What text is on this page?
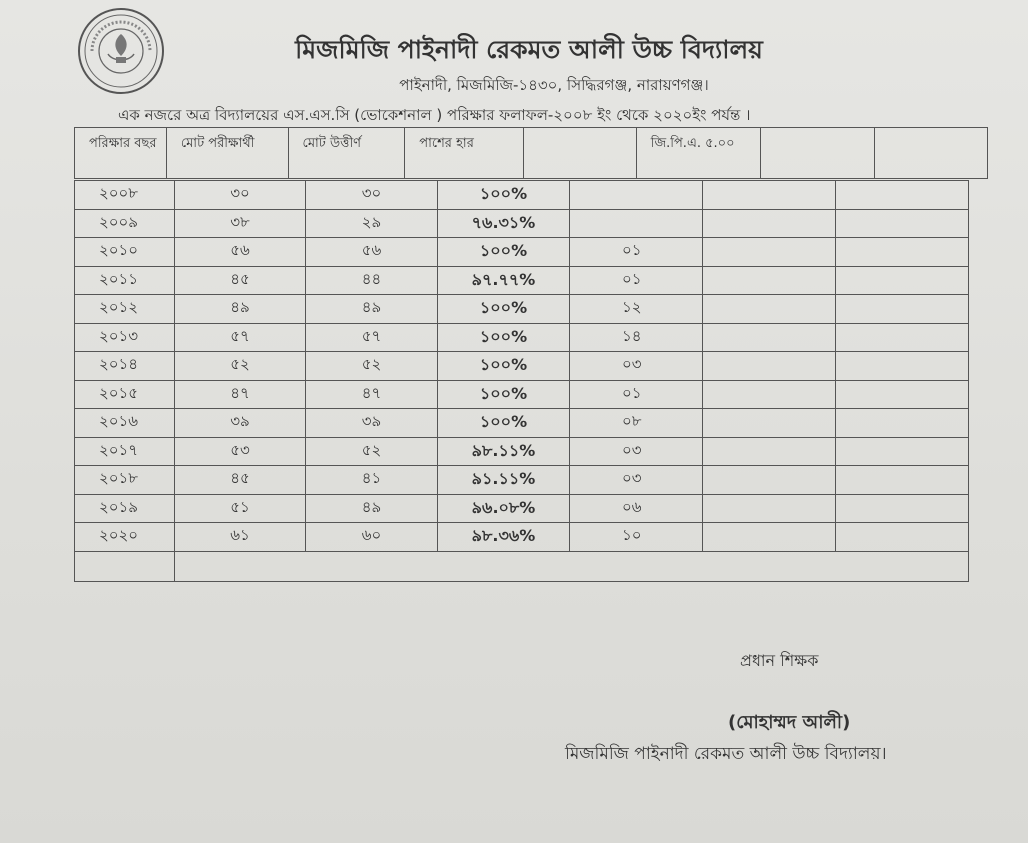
মিজমিজি পাইনাদী রেকমত আলী উচ্চ বিদ্যালয়
পাইনাদী, মিজমিজি-১৪৩০, সিদ্ধিরগঞ্জ, নারায়ণগঞ্জ।
এক নজরে অত্র বিদ্যালয়ের এস.এস.সি (ভোকেশনাল ) পরিক্ষার ফলাফল-২০০৮ ইং থেকে ২০২০ইং পর্যন্ত ।
পরিক্ষার বছর	মোট পরীক্ষার্থী	মোট উত্তীর্ণ	পাশের হার	জি.পি.এ. ৫.০০
২০০৮	৩০	৩০	১০০%			
২০০৯	৩৮	২৯	৭৬.৩১%			
২০১০	৫৬	৫৬	১০০%	০১		
২০১১	৪৫	৪৪	৯৭.৭৭%	০১		
২০১২	৪৯	৪৯	১০০%	১২		
২০১৩	৫৭	৫৭	১০০%	১৪		
২০১৪	৫২	৫২	১০০%	০৩		
২০১৫	৪৭	৪৭	১০০%	০১		
২০১৬	৩৯	৩৯	১০০%	০৮		
২০১৭	৫৩	৫২	৯৮.১১%	০৩		
২০১৮	৪৫	৪১	৯১.১১%	০৩		
২০১৯	৫১	৪৯	৯৬.০৮%	০৬		
২০২০	৬১	৬০	৯৮.৩৬%	১০		

প্রধান শিক্ষক
(মোহাম্মদ আলী)
মিজমিজি পাইনাদী রেকমত আলী উচ্চ বিদ্যালয়।
